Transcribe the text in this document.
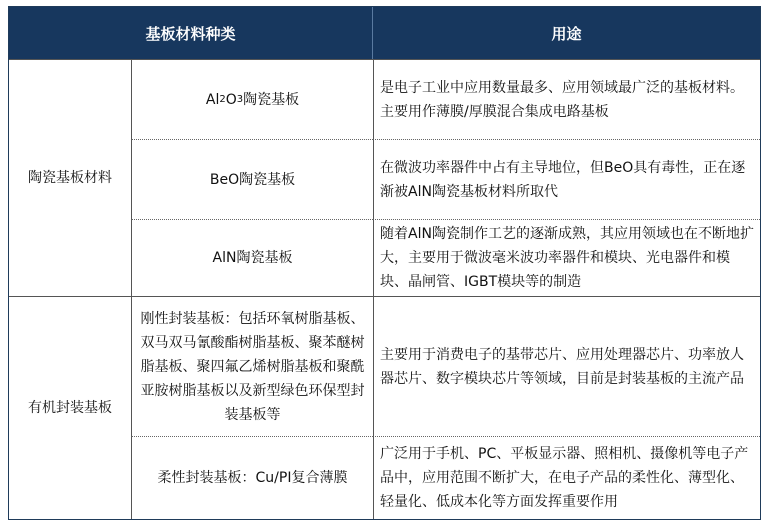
基板材料种类	用途
陶瓷基板材料
Al 2 O 3 陶瓷基板
是电子工业中应用数量最多、应用领域最广泛的基板材料。主要用作薄膜/厚膜混合集成电路基板
BeO陶瓷基板
在微波功率器件中占有主导地位，但BeO具有毒性，正在逐渐被AlN陶瓷基板材料所取代
AlN陶瓷基板
随着AlN陶瓷制作工艺的逐渐成熟，其应用领域也在不断地扩大，主要用于微波毫米波功率器件和模块、光电器件和模块、晶闸管、IGBT模块等的制造
有机封装基板
刚性封装基板：包括环氧树脂基板、双马双马氰酸酯树脂基板、聚苯醚树脂基板、聚四氟乙烯树脂基板和聚酰亚胺树脂基板以及新型绿色环保型封装基板等
主要用于消费电子的基带芯片、应用处理器芯片、功率放人器芯片、数字模块芯片等领域，目前是封装基板的主流产品
柔性封装基板：Cu/PI复合薄膜
广泛用于手机、PC、平板显示器、照相机、摄像机等电子产品中，应用范围不断扩大，在电子产品的柔性化、薄型化、轻量化、低成本化等方面发挥重要作用
